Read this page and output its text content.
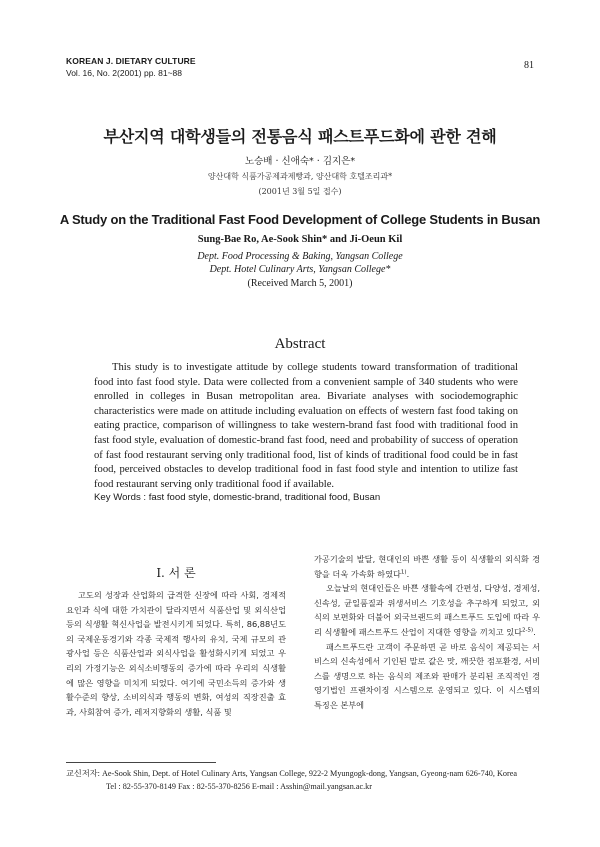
KOREAN J. DIETARY CULTURE
Vol. 16, No. 2(2001) pp. 81~88
81
부산지역 대학생들의 전통음식 패스트푸드화에 관한 견해
노승배 · 신애숙* · 김지은*
양산대학 식품가공제과제빵과, 양산대학 호텔조리과*
(2001년 3월 5일 접수)
A Study on the Traditional Fast Food Development of College Students in Busan
Sung-Bae Ro, Ae-Sook Shin* and Ji-Oeun Kil
Dept. Food Processing & Baking, Yangsan College
Dept. Hotel Culinary Arts, Yangsan College*
(Received March 5, 2001)
Abstract
This study is to investigate attitude by college students toward transformation of traditional food into fast food style. Data were collected from a convenient sample of 340 students who were enrolled in colleges in Busan metropolitan area. Bivariate analyses with sociodemographic characteristics were made on attitude including evaluation on effects of western fast food taking on eating practice, comparison of willingness to take western-brand fast food with traditional food in fast food style, evaluation of domestic-brand fast food, need and probability of success of operation of fast food restaurant serving only traditional food, list of kinds of traditional food could be in fast food, perceived obstacles to develop traditional food in fast food style and intention to utilize fast food restaurant serving only traditional food if available.
Key Words : fast food style, domestic-brand, traditional food, Busan
I. 서 론

고도의 성장과 산업화의 급격한 신장에 따라 사회, 경제적 요인과 식에 대한 가치관이 달라지면서 식품산업 및 외식산업 등의 식생활 혁신사업을 발전시키게 되었다. 특히, 86,88년도의 국제운동경기와 각종 국제적 행사의 유치, 국제 규모의 관광사업 등은 식품산업과 외식사업을 활성화시키게 되었고 우리의 가정기능은 외식소비행동의 증가에 따라 우리의 식생활에 많은 영향을 미치게 되었다. 여기에 국민소득의 증가와 생활수준의 향상, 소비의식과 행동의 변화, 여성의 직장진출 효과, 사회참여 증가, 레저지향화의 생활, 식품 및

가공기술의 발달, 현대인의 바쁜 생활 등이 식생활의 외식화 경향을 더욱 가속화 하였다$^{1)}$.

오늘날의 현대인들은 바쁜 생활속에 간편성, 다양성, 경제성, 신속성, 균일품질과 위생서비스 기호성을 추구하게 되었고, 외식의 보편화와 더불어 외국브랜드의 패스트푸드 도입에 따라 우리 식생활에 패스트푸드 산업이 지대한 영향을 끼치고 있다$^{2-5)}$.

패스트푸드란 고객이 주문하면 곧 바로 음식이 제공되는 서비스의 신속성에서 기인된 말로 값은 맛, 깨끗한 점포환경, 서비스를 생명으로 하는 음식의 제조와 판매가 분리된 조직적인 경영기법인 프랜차이징 시스템으로 운영되고 있다. 이 시스템의 특징은 본부에

교신저자: Ae-Sook Shin, Dept. of Hotel Culinary Arts, Yangsan College, 922-2 Myungogk-dong, Yangsan, Gyeong-nam 626-740, Korea
Tel : 82-55-370-8149 Fax : 82-55-370-8256 E-mail : Asshin@mail.yangsan.ac.kr
